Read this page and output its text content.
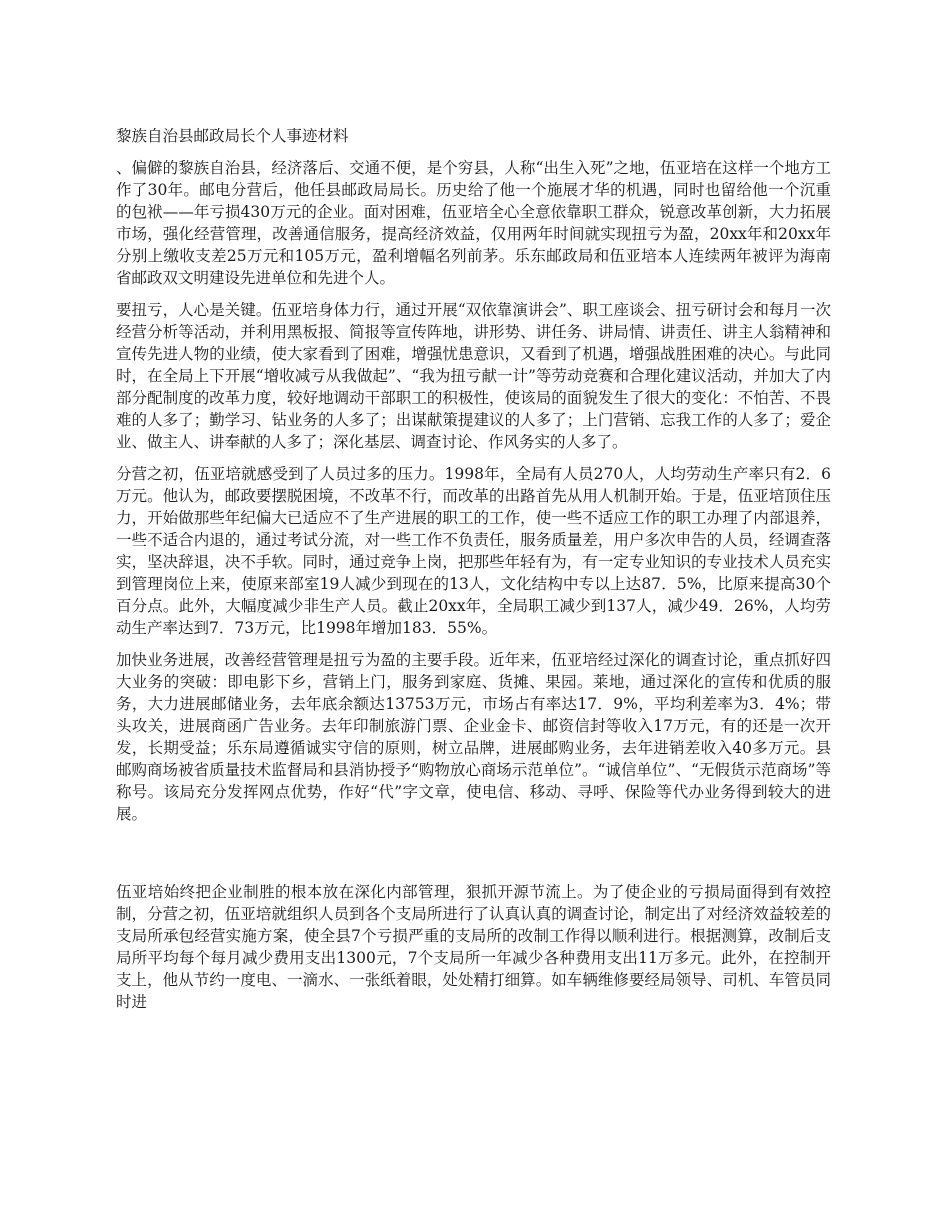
黎族自治县邮政局长个人事迹材料

、偏僻的黎族自治县，经济落后、交通不便，是个穷县，人称“出生入死”之地，伍亚培在这样一个地方工作了30年。邮电分营后，他任县邮政局局长。历史给了他一个施展才华的机遇，同时也留给他一个沉重的包袱——年亏损430万元的企业。面对困难，伍亚培全心全意依靠职工群众，锐意改革创新，大力拓展市场，强化经营管理，改善通信服务，提高经济效益，仅用两年时间就实现扭亏为盈，20xx年和20xx年分别上缴收支差25万元和105万元，盈利增幅名列前茅。乐东邮政局和伍亚培本人连续两年被评为海南省邮政双文明建设先进单位和先进个人。

要扭亏，人心是关键。伍亚培身体力行，通过开展“双依靠演讲会”、职工座谈会、扭亏研讨会和每月一次经营分析等活动，并利用黑板报、简报等宣传阵地，讲形势、讲任务、讲局情、讲责任、讲主人翁精神和宣传先进人物的业绩，使大家看到了困难，增强忧患意识，又看到了机遇，增强战胜困难的决心。与此同时，在全局上下开展“增收减亏从我做起”、“我为扭亏献一计”等劳动竞赛和合理化建议活动，并加大了内部分配制度的改革力度，较好地调动干部职工的积极性，使该局的面貌发生了很大的变化：不怕苦、不畏难的人多了；勤学习、钻业务的人多了；出谋献策提建议的人多了；上门营销、忘我工作的人多了；爱企业、做主人、讲奉献的人多了；深化基层、调查讨论、作风务实的人多了。

分营之初，伍亚培就感受到了人员过多的压力。1998年，全局有人员270人，人均劳动生产率只有2．6万元。他认为，邮政要摆脱困境，不改革不行，而改革的出路首先从用人机制开始。于是，伍亚培顶住压力，开始做那些年纪偏大已适应不了生产进展的职工的工作，使一些不适应工作的职工办理了内部退养，一些不适合内退的，通过考试分流，对一些工作不负责任，服务质量差，用户多次申告的人员，经调查落实，坚决辞退，决不手软。同时，通过竞争上岗，把那些年轻有为，有一定专业知识的专业技术人员充实到管理岗位上来，使原来部室19人减少到现在的13人，文化结构中专以上达87．5%，比原来提高30个百分点。此外，大幅度减少非生产人员。截止20xx年，全局职工减少到137人，减少49．26%，人均劳动生产率达到7．73万元，比1998年增加183．55%。

加快业务进展，改善经营管理是扭亏为盈的主要手段。近年来，伍亚培经过深化的调查讨论，重点抓好四大业务的突破：即电影下乡，营销上门，服务到家庭、货摊、果园。莱地，通过深化的宣传和优质的服务，大力进展邮储业务，去年底余额达13753万元，市场占有率达17．9%，平均利差率为3．4%；带头攻关，进展商函广告业务。去年印制旅游门票、企业金卡、邮资信封等收入17万元，有的还是一次开发，长期受益；乐东局遵循诚实守信的原则，树立品牌，进展邮购业务，去年进销差收入40多万元。县邮购商场被省质量技术监督局和县消协授予“购物放心商场示范单位”。“诚信单位”、“无假货示范商场”等称号。该局充分发挥网点优势，作好“代”字文章，使电信、移动、寻呼、保险等代办业务得到较大的进展。

伍亚培始终把企业制胜的根本放在深化内部管理，狠抓开源节流上。为了使企业的亏损局面得到有效控制，分营之初，伍亚培就组织人员到各个支局所进行了认真认真的调查讨论，制定出了对经济效益较差的支局所承包经营实施方案，使全县7个亏损严重的支局所的改制工作得以顺利进行。根据测算，改制后支局所平均每个每月减少费用支出1300元，7个支局所一年减少各种费用支出11万多元。此外，在控制开支上，他从节约一度电、一滴水、一张纸着眼，处处精打细算。如车辆维修要经局领导、司机、车管员同时进
